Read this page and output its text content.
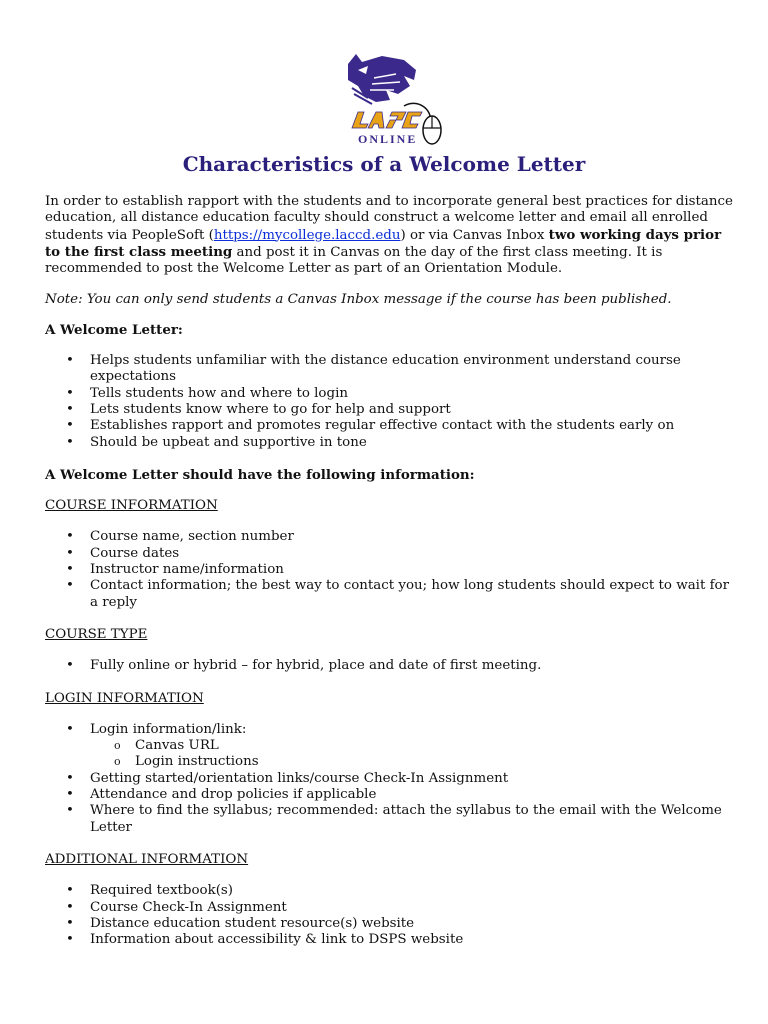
ONLINE
Characteristics of a Welcome Letter

In order to establish rapport with the students and to incorporate general best practices for distance education, all distance education faculty should construct a welcome letter and email all enrolled students via PeopleSoft (https://mycollege.laccd.edu) or via Canvas Inbox two working days prior to the first class meeting and post it in Canvas on the day of the first class meeting. It is recommended to post the Welcome Letter as part of an Orientation Module.

Note: You can only send students a Canvas Inbox message if the course has been published.

A Welcome Letter:

• Helps students unfamiliar with the distance education environment understand course expectations
• Tells students how and where to login
• Lets students know where to go for help and support
• Establishes rapport and promotes regular effective contact with the students early on
• Should be upbeat and supportive in tone

A Welcome Letter should have the following information:

COURSE INFORMATION

• Course name, section number
• Course dates
• Instructor name/information
• Contact information; the best way to contact you; how long students should expect to wait for a reply

COURSE TYPE

• Fully online or hybrid – for hybrid, place and date of first meeting.

LOGIN INFORMATION

• Login information/link:
o Canvas URL
o Login instructions
• Getting started/orientation links/course Check-In Assignment
• Attendance and drop policies if applicable
• Where to find the syllabus; recommended: attach the syllabus to the email with the Welcome Letter

ADDITIONAL INFORMATION

• Required textbook(s)
• Course Check-In Assignment
• Distance education student resource(s) website
• Information about accessibility & link to DSPS website
